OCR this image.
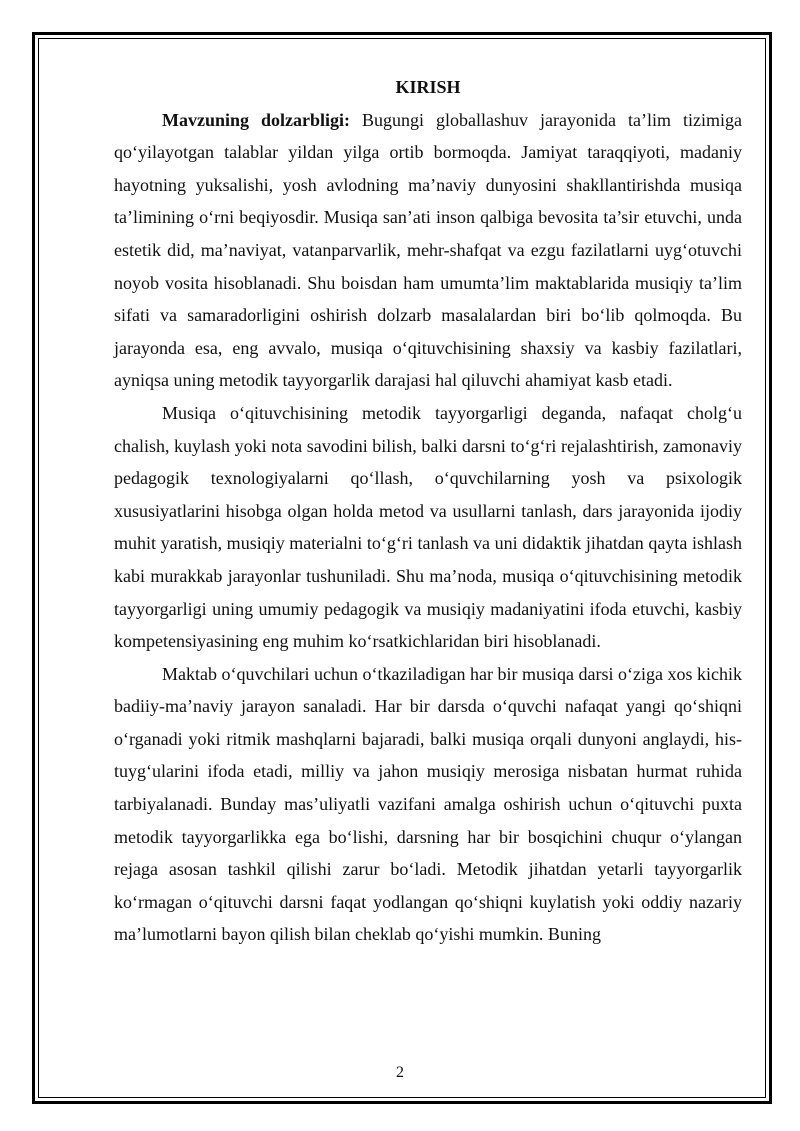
KIRISH

Mavzuning dolzarbligi: Bugungi globallashuv jarayonida ta’lim tizimiga qo‘yilayotgan talablar yildan yilga ortib bormoqda. Jamiyat taraqqiyoti, madaniy hayotning yuksalishi, yosh avlodning ma’naviy dunyosini shakllantirishda musiqa ta’limining o‘rni beqiyosdir. Musiqa san’ati inson qalbiga bevosita ta’sir etuvchi, unda estetik did, ma’naviyat, vatanparvarlik, mehr-shafqat va ezgu fazilatlarni uyg‘otuvchi noyob vosita hisoblanadi. Shu boisdan ham umumta’lim maktablarida musiqiy ta’lim sifati va samaradorligini oshirish dolzarb masalalardan biri bo‘lib qolmoqda. Bu jarayonda esa, eng avvalo, musiqa o‘qituvchisining shaxsiy va kasbiy fazilatlari, ayniqsa uning metodik tayyorgarlik darajasi hal qiluvchi ahamiyat kasb etadi.

Musiqa o‘qituvchisining metodik tayyorgarligi deganda, nafaqat cholg‘u chalish, kuylash yoki nota savodini bilish, balki darsni to‘g‘ri rejalashtirish, zamonaviy pedagogik texnologiyalarni qo‘llash, o‘quvchilarning yosh va psixologik xususiyatlarini hisobga olgan holda metod va usullarni tanlash, dars jarayonida ijodiy muhit yaratish, musiqiy materialni to‘g‘ri tanlash va uni didaktik jihatdan qayta ishlash kabi murakkab jarayonlar tushuniladi. Shu ma’noda, musiqa o‘qituvchisining metodik tayyorgarligi uning umumiy pedagogik va musiqiy madaniyatini ifoda etuvchi, kasbiy kompetensiyasining eng muhim ko‘rsatkichlaridan biri hisoblanadi.

Maktab o‘quvchilari uchun o‘tkaziladigan har bir musiqa darsi o‘ziga xos kichik badiiy-ma’naviy jarayon sanaladi. Har bir darsda o‘quvchi nafaqat yangi qo‘shiqni o‘rganadi yoki ritmik mashqlarni bajaradi, balki musiqa orqali dunyoni anglaydi, his-tuyg‘ularini ifoda etadi, milliy va jahon musiqiy merosiga nisbatan hurmat ruhida tarbiyalanadi. Bunday mas’uliyatli vazifani amalga oshirish uchun o‘qituvchi puxta metodik tayyorgarlikka ega bo‘lishi, darsning har bir bosqichini chuqur o‘ylangan rejaga asosan tashkil qilishi zarur bo‘ladi. Metodik jihatdan yetarli tayyorgarlik ko‘rmagan o‘qituvchi darsni faqat yodlangan qo‘shiqni kuylatish yoki oddiy nazariy ma’lumotlarni bayon qilish bilan cheklab qo‘yishi mumkin. Buning

2
